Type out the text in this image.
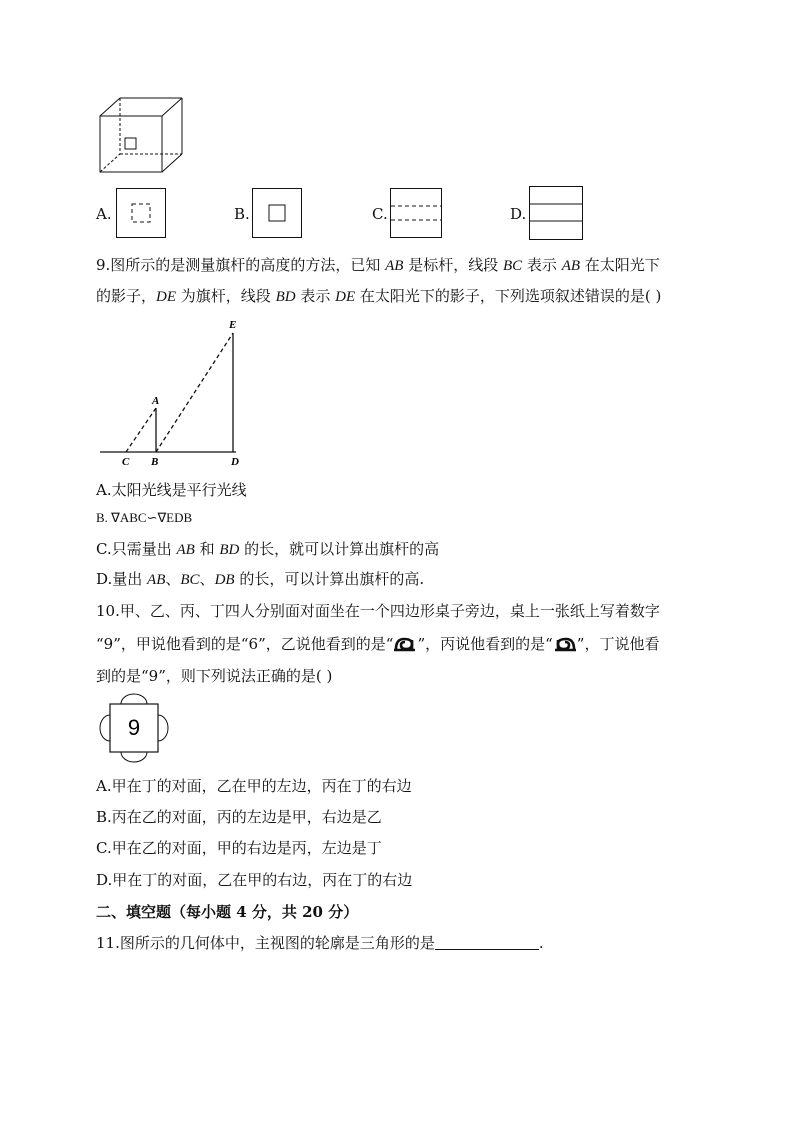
A.	B.	C.	D.
9.图所示的是测量旗杆的高度的方法，已知 AB 是标杆，线段 BC 表示 AB 在太阳光下
的影子，DE 为旗杆，线段 BD 表示 DE 在太阳光下的影子，下列选项叙述错误的是( )
A
E
C B	D
A.太阳光线是平行光线
B. ∇ABC∽∇EDB
C.只需量出 AB 和 BD 的长，就可以计算出旗杆的高
D.量出 AB、BC、DB 的长，可以计算出旗杆的高.
10.甲、乙、丙、丁四人分别面对面坐在一个四边形桌子旁边，桌上一张纸上写着数字
“9”，甲说他看到的是“6”，乙说他看到的是“ ”，丙说他看到的是“ ”，丁说他看
到的是“9”，则下列说法正确的是( )
9
A.甲在丁的对面，乙在甲的左边，丙在丁的右边
B.丙在乙的对面，丙的左边是甲，右边是乙
C.甲在乙的对面，甲的右边是丙，左边是丁
D.甲在丁的对面，乙在甲的右边，丙在丁的右边
二、填空题（每小题 4 分，共 20 分）
11.图所示的几何体中，主视图的轮廓是三角形的是	.
